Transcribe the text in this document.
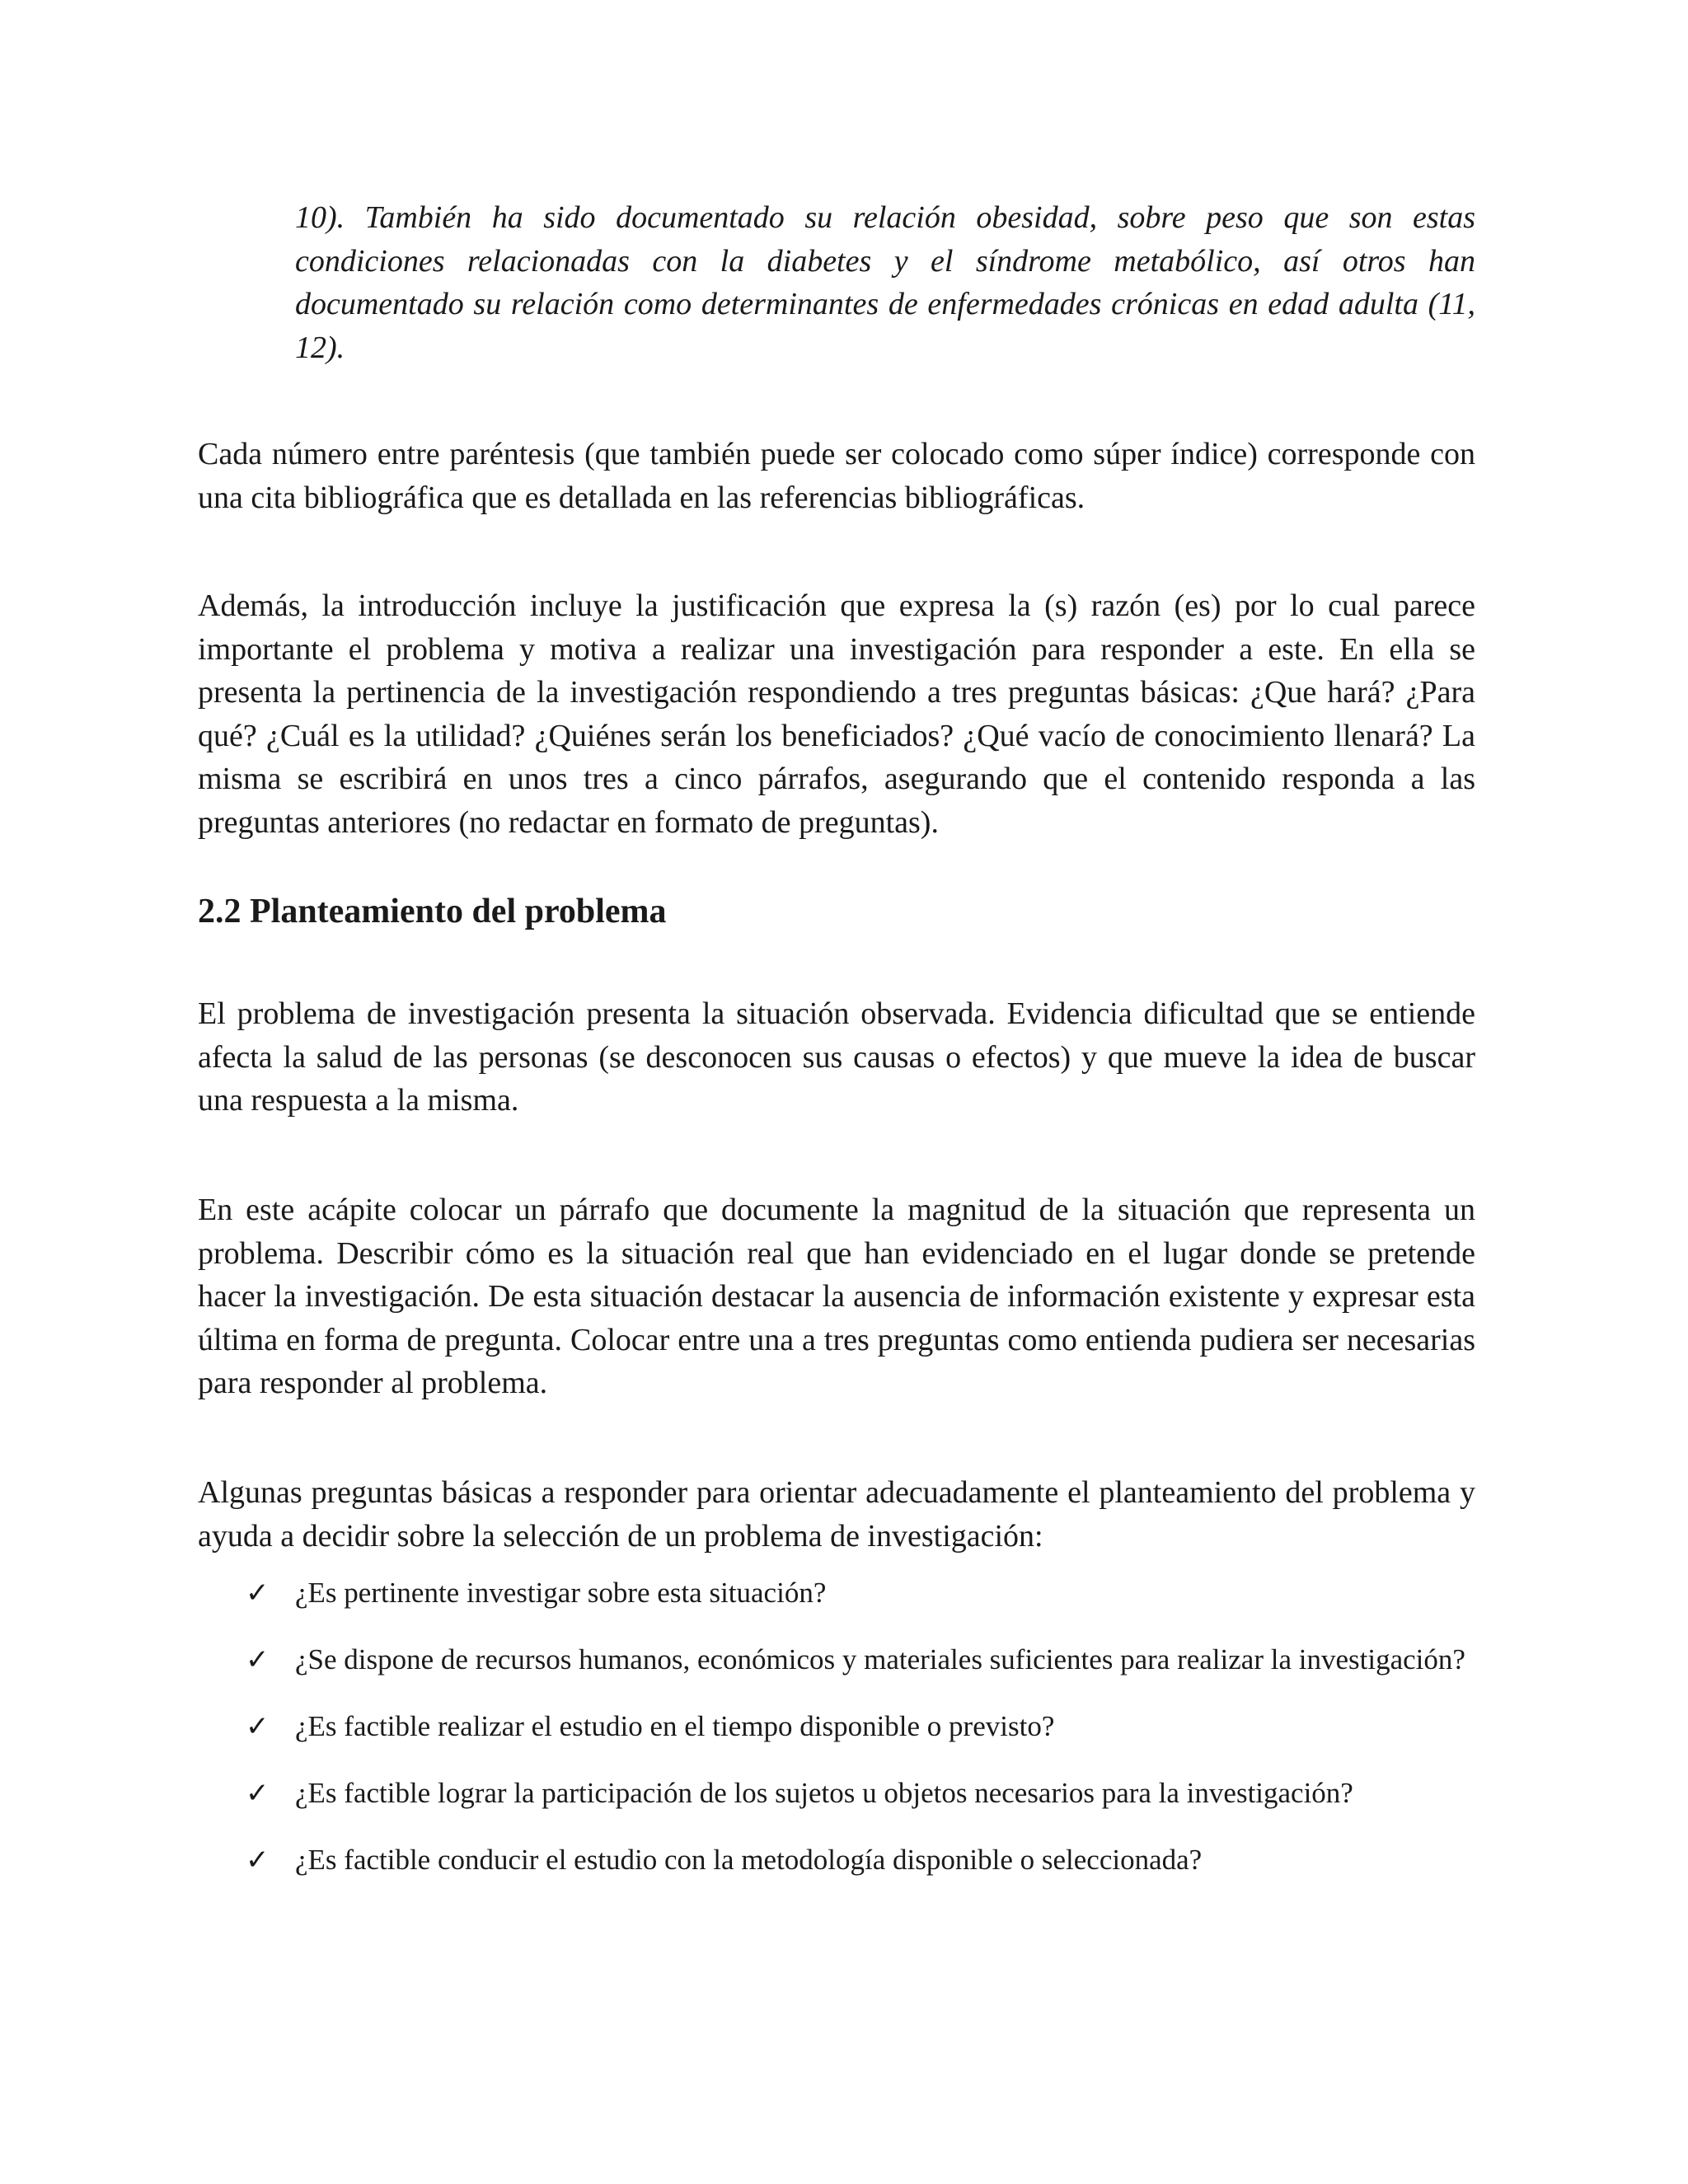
10). También ha sido documentado su relación obesidad, sobre peso que son estas condiciones relacionadas con la diabetes y el síndrome metabólico, así otros han documentado su relación como determinantes de enfermedades crónicas en edad adulta (11, 12).

Cada número entre paréntesis (que también puede ser colocado como súper índice) corresponde con una cita bibliográfica que es detallada en las referencias bibliográficas.

Además, la introducción incluye la justificación que expresa la (s) razón (es) por lo cual parece importante el problema y motiva a realizar una investigación para responder a este. En ella se presenta la pertinencia de la investigación respondiendo a tres preguntas básicas: ¿Que hará? ¿Para qué? ¿Cuál es la utilidad? ¿Quiénes serán los beneficiados? ¿Qué vacío de conocimiento llenará? La misma se escribirá en unos tres a cinco párrafos, asegurando que el contenido responda a las preguntas anteriores (no redactar en formato de preguntas).

2.2 Planteamiento del problema

El problema de investigación presenta la situación observada. Evidencia dificultad que se entiende afecta la salud de las personas (se desconocen sus causas o efectos) y que mueve la idea de buscar una respuesta a la misma.

En este acápite colocar un párrafo que documente la magnitud de la situación que representa un problema. Describir cómo es la situación real que han evidenciado en el lugar donde se pretende hacer la investigación. De esta situación destacar la ausencia de información existente y expresar esta última en forma de pregunta. Colocar entre una a tres preguntas como entienda pudiera ser necesarias para responder al problema.

Algunas preguntas básicas a responder para orientar adecuadamente el planteamiento del problema y ayuda a decidir sobre la selección de un problema de investigación:

✓ ¿Es pertinente investigar sobre esta situación?
✓ ¿Se dispone de recursos humanos, económicos y materiales suficientes para realizar la investigación?
✓ ¿Es factible realizar el estudio en el tiempo disponible o previsto?
✓ ¿Es factible lograr la participación de los sujetos u objetos necesarios para la investigación?
✓ ¿Es factible conducir el estudio con la metodología disponible o seleccionada?
